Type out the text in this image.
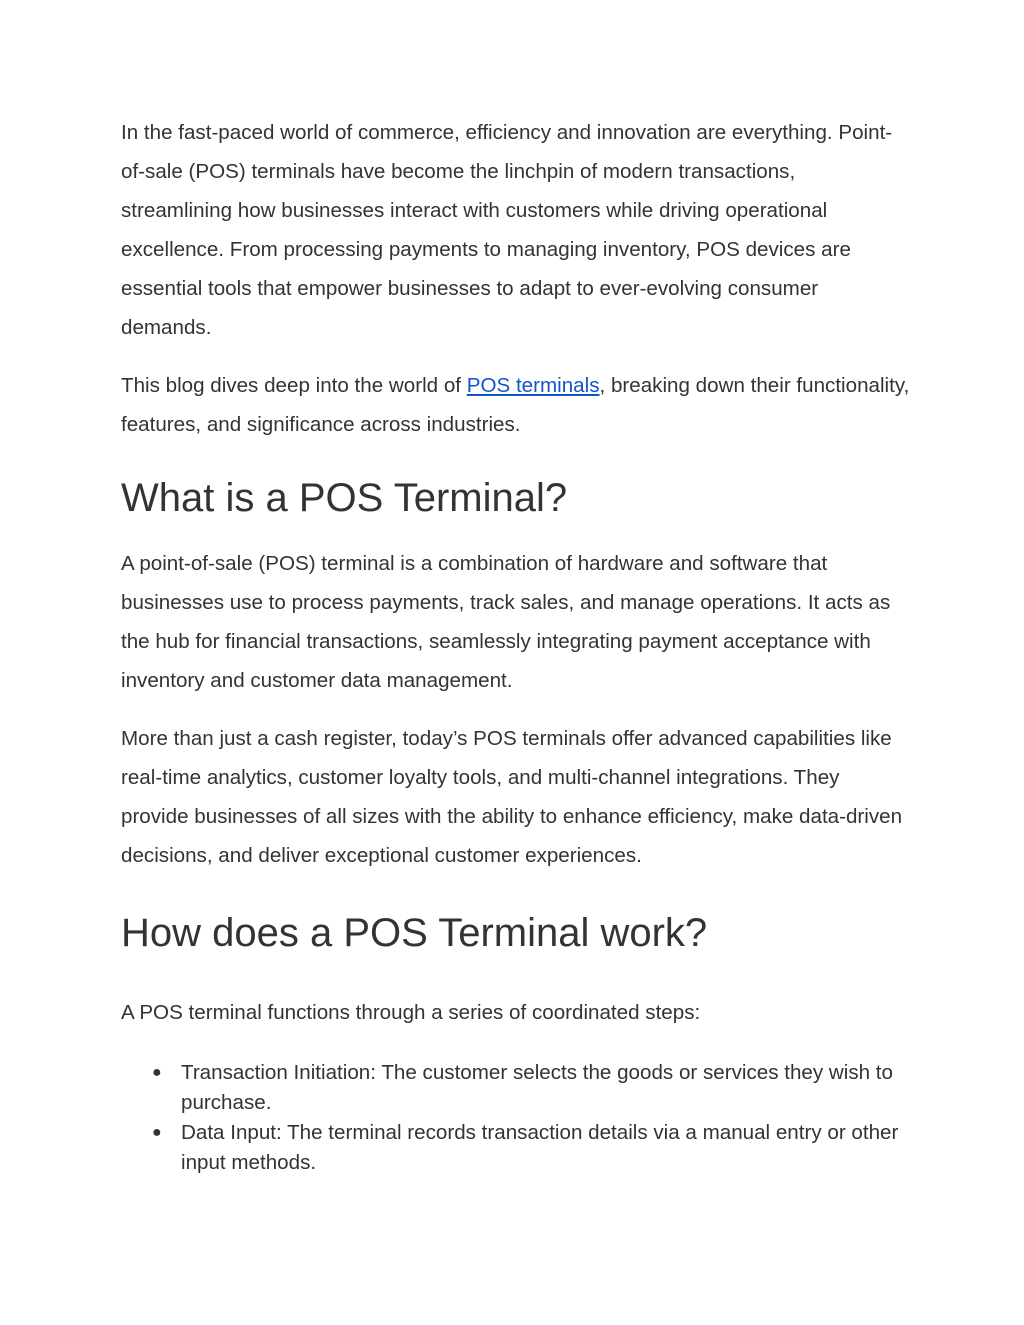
In the fast-paced world of commerce, efficiency and innovation are everything. Point-of-sale (POS) terminals have become the linchpin of modern transactions, streamlining how businesses interact with customers while driving operational excellence. From processing payments to managing inventory, POS devices are essential tools that empower businesses to adapt to ever-evolving consumer demands.

This blog dives deep into the world of POS terminals, breaking down their functionality, features, and significance across industries.

What is a POS Terminal?

A point-of-sale (POS) terminal is a combination of hardware and software that businesses use to process payments, track sales, and manage operations. It acts as the hub for financial transactions, seamlessly integrating payment acceptance with inventory and customer data management.

More than just a cash register, today’s POS terminals offer advanced capabilities like real-time analytics, customer loyalty tools, and multi-channel integrations. They provide businesses of all sizes with the ability to enhance efficiency, make data-driven decisions, and deliver exceptional customer experiences.

How does a POS Terminal work?

A POS terminal functions through a series of coordinated steps:

● Transaction Initiation: The customer selects the goods or services they wish to purchase.
● Data Input: The terminal records transaction details via a manual entry or other input methods.
